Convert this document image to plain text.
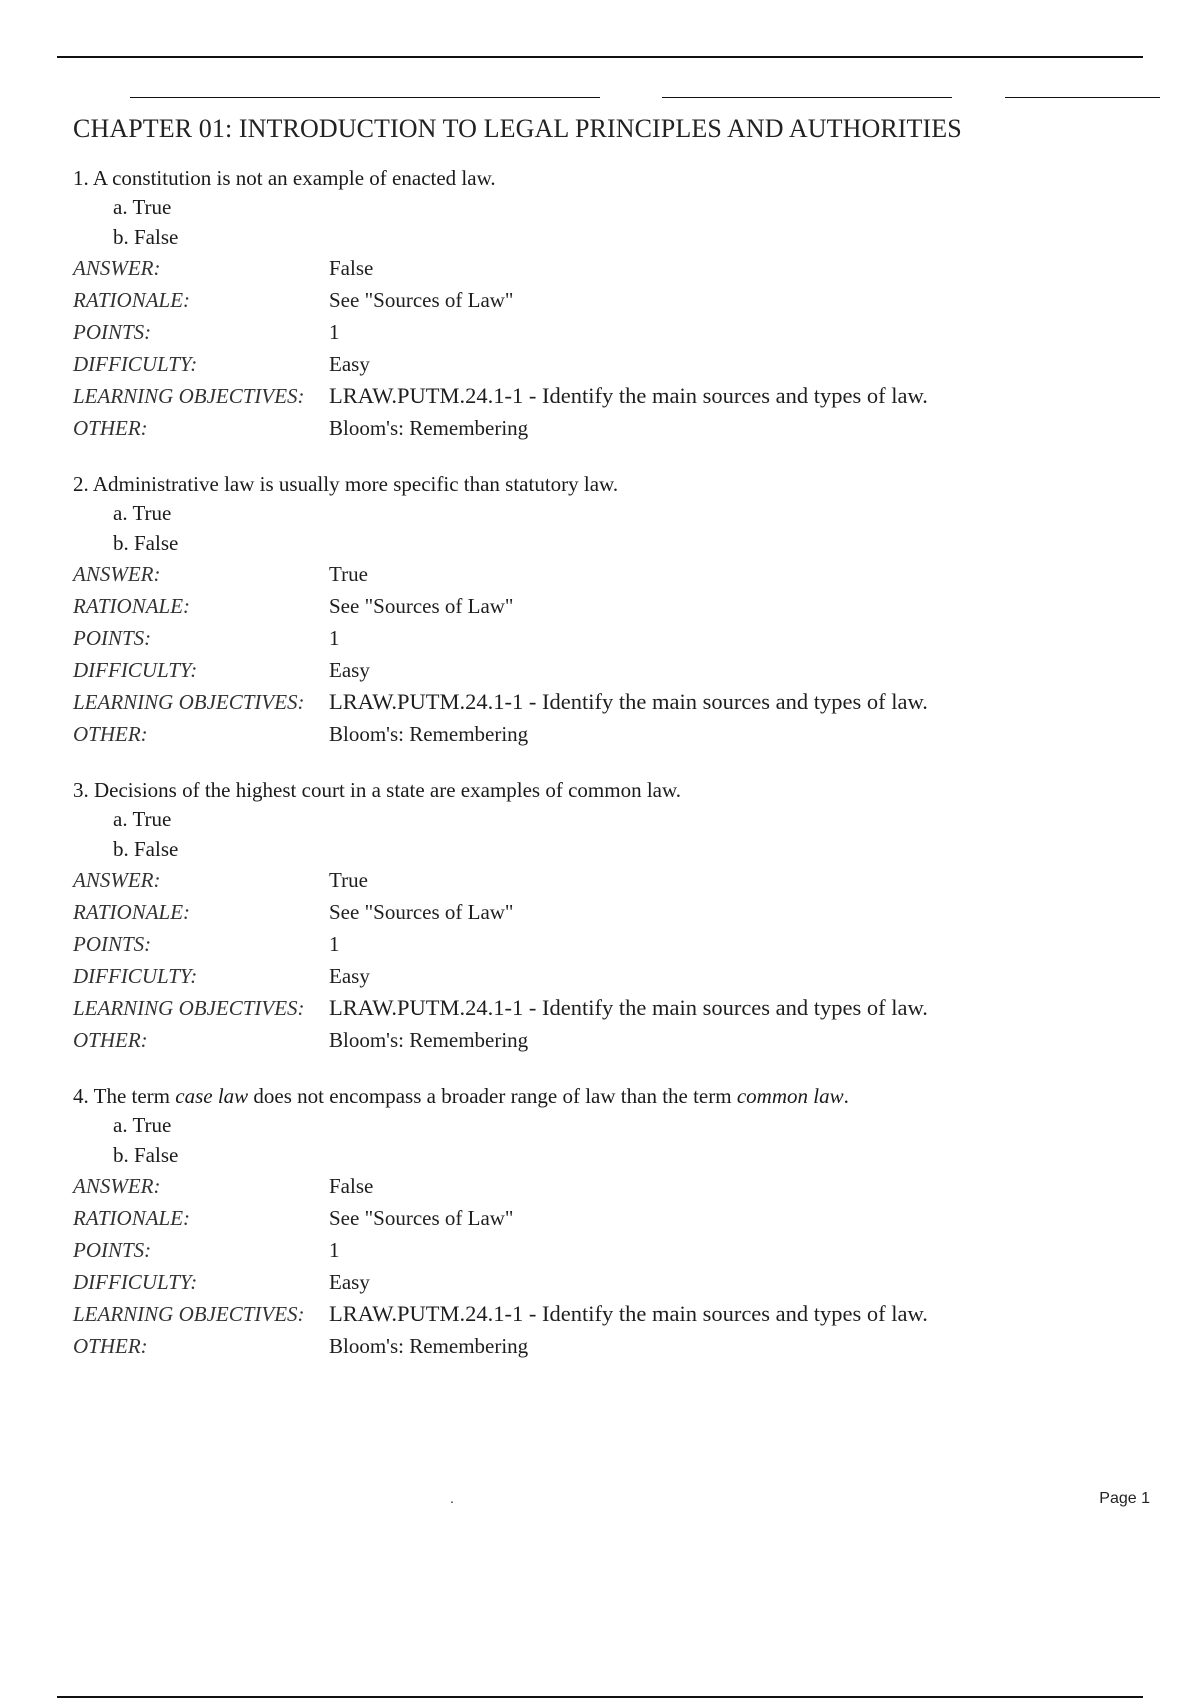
CHAPTER 01: INTRODUCTION TO LEGAL PRINCIPLES AND AUTHORITIES
1. A constitution is not an example of enacted law.
a. True
b. False
ANSWER:	False
RATIONALE:	See "Sources of Law"
POINTS:	1
DIFFICULTY:	Easy
LEARNING OBJECTIVES:	LRAW.PUTM.24.1-1 - Identify the main sources and types of law.
OTHER:	Bloom's: Remembering
2. Administrative law is usually more specific than statutory law.
a. True
b. False
ANSWER:	True
RATIONALE:	See "Sources of Law"
POINTS:	1
DIFFICULTY:	Easy
LEARNING OBJECTIVES:	LRAW.PUTM.24.1-1 - Identify the main sources and types of law.
OTHER:	Bloom's: Remembering
3. Decisions of the highest court in a state are examples of common law.
a. True
b. False
ANSWER:	True
RATIONALE:	See "Sources of Law"
POINTS:	1
DIFFICULTY:	Easy
LEARNING OBJECTIVES:	LRAW.PUTM.24.1-1 - Identify the main sources and types of law.
OTHER:	Bloom's: Remembering
4. The term case law does not encompass a broader range of law than the term common law.
a. True
b. False
ANSWER:	False
RATIONALE:	See "Sources of Law"
POINTS:	1
DIFFICULTY:	Easy
LEARNING OBJECTIVES:	LRAW.PUTM.24.1-1 - Identify the main sources and types of law.
OTHER:	Bloom's: Remembering
.	Page 1
